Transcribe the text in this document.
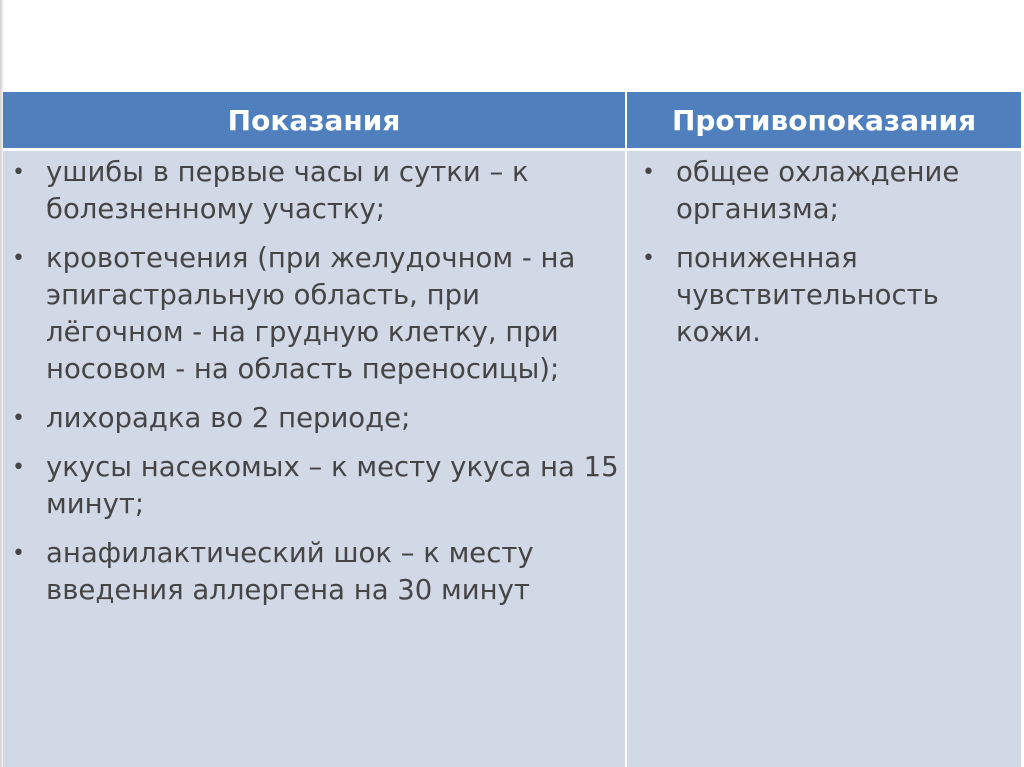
Показания	Противопоказания
• ушибы в первые часы и сутки – к болезненному участку;
• кровотечения (при желудочном - на эпигастральную область, при лёгочном - на грудную клетку, при носовом - на область переносицы);
• лихорадка во 2 периоде;
• укусы насекомых – к месту укуса на 15 минут;
• анафилактический шок – к месту введения аллергена на 30 минут
• общее охлаждение организма;
• пониженная чувствительность кожи.
